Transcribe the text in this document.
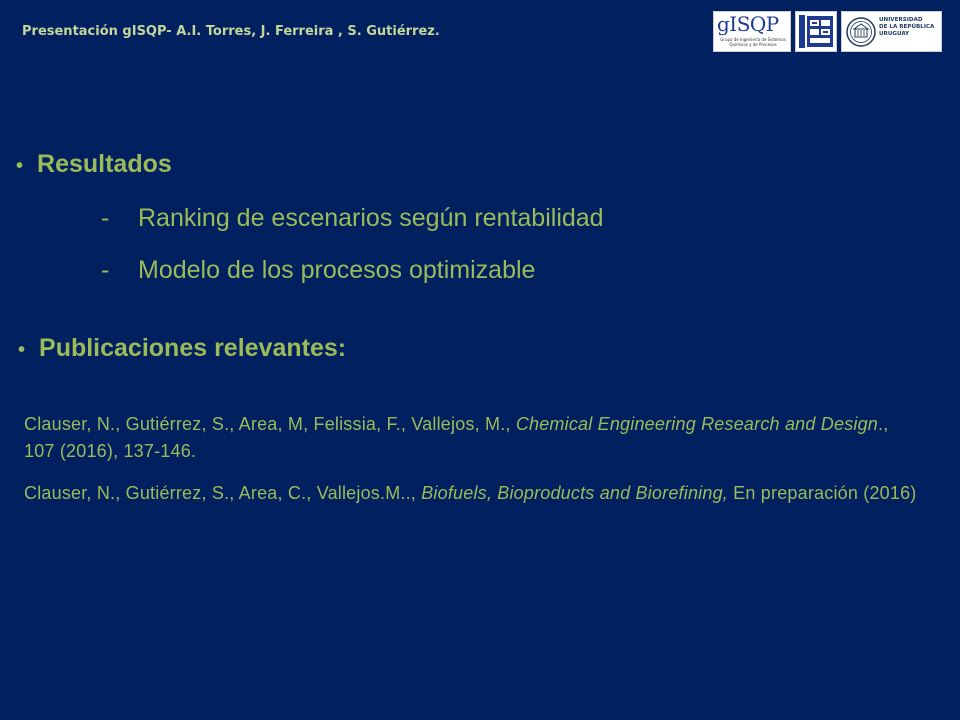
Presentación gISQP- A.I. Torres, J. Ferreira , S. Gutiérrez.	gISQP
Grupo de Ingeniería de Sistemas Químicos y de Procesos
UNIVERSIDAD
DE LA REPÚBLICA
URUGUAY
• Resultados
-	Ranking de escenarios según rentabilidad
-	Modelo de los procesos optimizable
• Publicaciones relevantes:
Clauser, N., Gutiérrez, S., Area, M, Felissia, F., Vallejos, M., Chemical Engineering Research and Design., 107 (2016), 137-146.
Clauser, N., Gutiérrez, S., Area, C., Vallejos.M.., Biofuels, Bioproducts and Biorefining, En preparación (2016)
